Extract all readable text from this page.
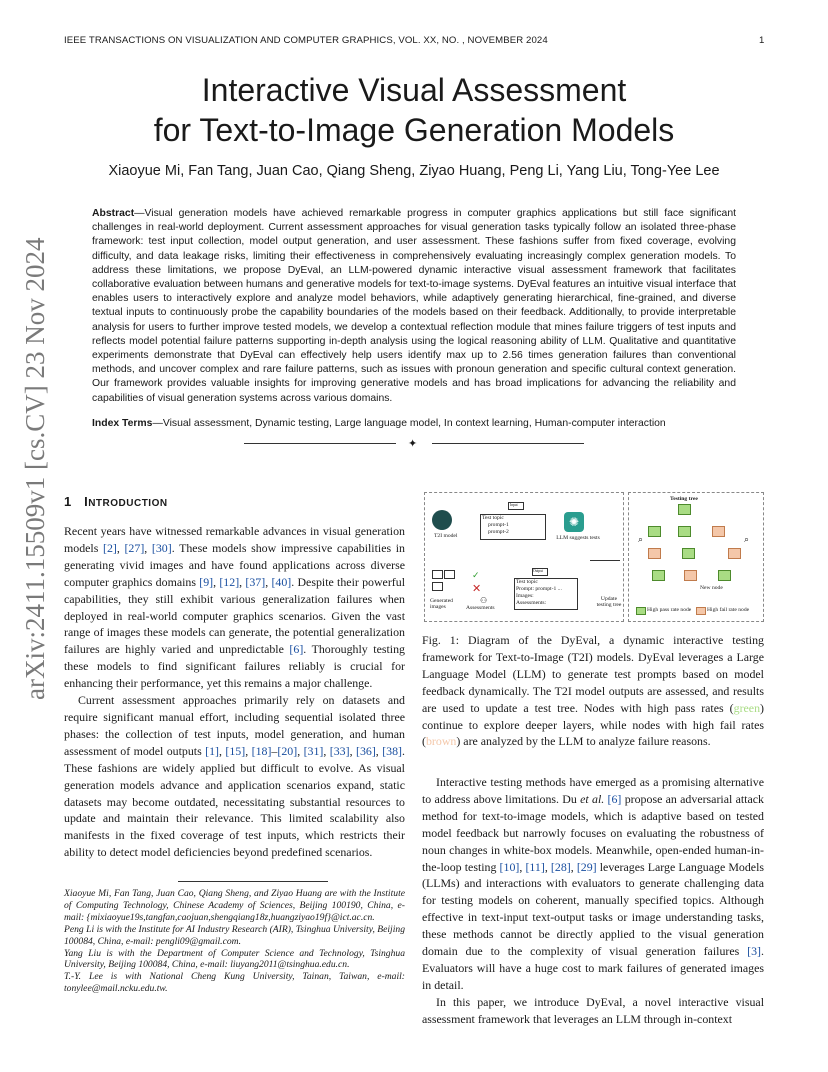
IEEE TRANSACTIONS ON VISUALIZATION AND COMPUTER GRAPHICS, VOL. XX, NO. , NOVEMBER 2024	1
arXiv:2411.15509v1 [cs.CV] 23 Nov 2024
Interactive Visual Assessment
for Text-to-Image Generation Models
Xiaoyue Mi, Fan Tang, Juan Cao, Qiang Sheng, Ziyao Huang, Peng Li, Yang Liu, Tong-Yee Lee
Abstract—Visual generation models have achieved remarkable progress in computer graphics applications but still face significant challenges in real-world deployment. Current assessment approaches for visual generation tasks typically follow an isolated three-phase framework: test input collection, model output generation, and user assessment. These fashions suffer from fixed coverage, evolving difficulty, and data leakage risks, limiting their effectiveness in comprehensively evaluating increasingly complex generation models. To address these limitations, we propose DyEval, an LLM-powered dynamic interactive visual assessment framework that facilitates collaborative evaluation between humans and generative models for text-to-image systems. DyEval features an intuitive visual interface that enables users to interactively explore and analyze model behaviors, while adaptively generating hierarchical, fine-grained, and diverse textual inputs to continuously probe the capability boundaries of the models based on their feedback. Additionally, to provide interpretable analysis for users to further improve tested models, we develop a contextual reflection module that mines failure triggers of test inputs and reflects model potential failure patterns supporting in-depth analysis using the logical reasoning ability of LLM. Qualitative and quantitative experiments demonstrate that DyEval can effectively help users identify max up to 2.56 times generation failures than conventional methods, and uncover complex and rare failure patterns, such as issues with pronoun generation and specific cultural context generation. Our framework provides valuable insights for improving generative models and has broad implications for advancing the reliability and capabilities of visual generation systems across various domains.
Index Terms—Visual assessment, Dynamic testing, Large language model, In context learning, Human-computer interaction
✦
1 INTRODUCTION

Recent years have witnessed remarkable advances in visual generation models [2], [27], [30]. These models show impressive capabilities in generating vivid images and have found applications across diverse computer graphics domains [9], [12], [37], [40]. Despite their powerful capabilities, they still exhibit various generalization failures when deployed in real-world computer graphics scenarios. Given the vast range of images these models can generate, the potential generalization failures are highly varied and unpredictable [6]. Thoroughly testing these models to find significant failures reliably is crucial for enhancing their performance, yet this remains a major challenge.

Current assessment approaches primarily rely on datasets and require significant manual effort, including sequential isolated three phases: the collection of test inputs, model generation, and human assessment of model outputs [1], [15], [18]–[20], [31], [33], [36], [38]. These fashions are widely applied but difficult to evolve. As visual generation models advance and application scenarios expand, static datasets may become outdated, necessitating substantial resources to update and maintain their relevance. This limited scalability also manifests in the fixed coverage of test inputs, which restricts their ability to detect model deficiencies beyond predefined scenarios.

Xiaoyue Mi, Fan Tang, Juan Cao, Qiang Sheng, and Ziyao Huang are with the Institute of Computing Technology, Chinese Academy of Sciences, Beijing 100190, China, e-mail: {mixiaoyue19s,tangfan,caojuan,shengqiang18z,huangziyao19f}@ict.ac.cn.

Peng Li is with the Institute for AI Industry Research (AIR), Tsinghua University, Beijing 100084, China, e-mail: pengli09@gmail.com.

Yang Liu is with the Department of Computer Science and Technology, Tsinghua University, Beijing 100084, China, e-mail: liuyang2011@tsinghua.edu.cn.

T.-Y. Lee is with National Cheng Kung University, Tainan, Taiwan, e-mail: tonylee@mail.ncku.edu.tw.

T2I model
Input
Test topic
prompt-1
prompt-2
✺
LLM suggests tests
Generated images
✓
✕
⚇
Assessments
Output
Test topic
Prompt: prompt-1 ...
Images:
Assessments:
Update testing tree
Testing tree
New node
⌕	⌕
High pass rate node	High fail rate node
Fig. 1: Diagram of the DyEval, a dynamic interactive testing framework for Text-to-Image (T2I) models. DyEval leverages a Large Language Model (LLM) to generate test prompts based on model feedback dynamically. The T2I model outputs are assessed, and results are used to update a test tree. Nodes with high pass rates (green) continue to explore deeper layers, while nodes with high fail rates (brown) are analyzed by the LLM to analyze failure reasons.

Interactive testing methods have emerged as a promising alternative to address above limitations. Du et al. [6] propose an adversarial attack method for text-to-image models, which is adaptive based on tested model feedback but narrowly focuses on evaluating the robustness of noun changes in white-box models. Meanwhile, open-ended human-in-the-loop testing [10], [11], [28], [29] leverages Large Language Models (LLMs) and interactions with evaluators to generate challenging data for testing models on coherent, manually specified topics. Although effective in text-input text-output tasks or image understanding tasks, these methods cannot be directly applied to the visual generation domain due to the complexity of visual generation failures [3]. Evaluators will have a huge cost to mark failures of generated images in detail.

In this paper, we introduce DyEval, a novel interactive visual assessment framework that leverages an LLM through in-context
